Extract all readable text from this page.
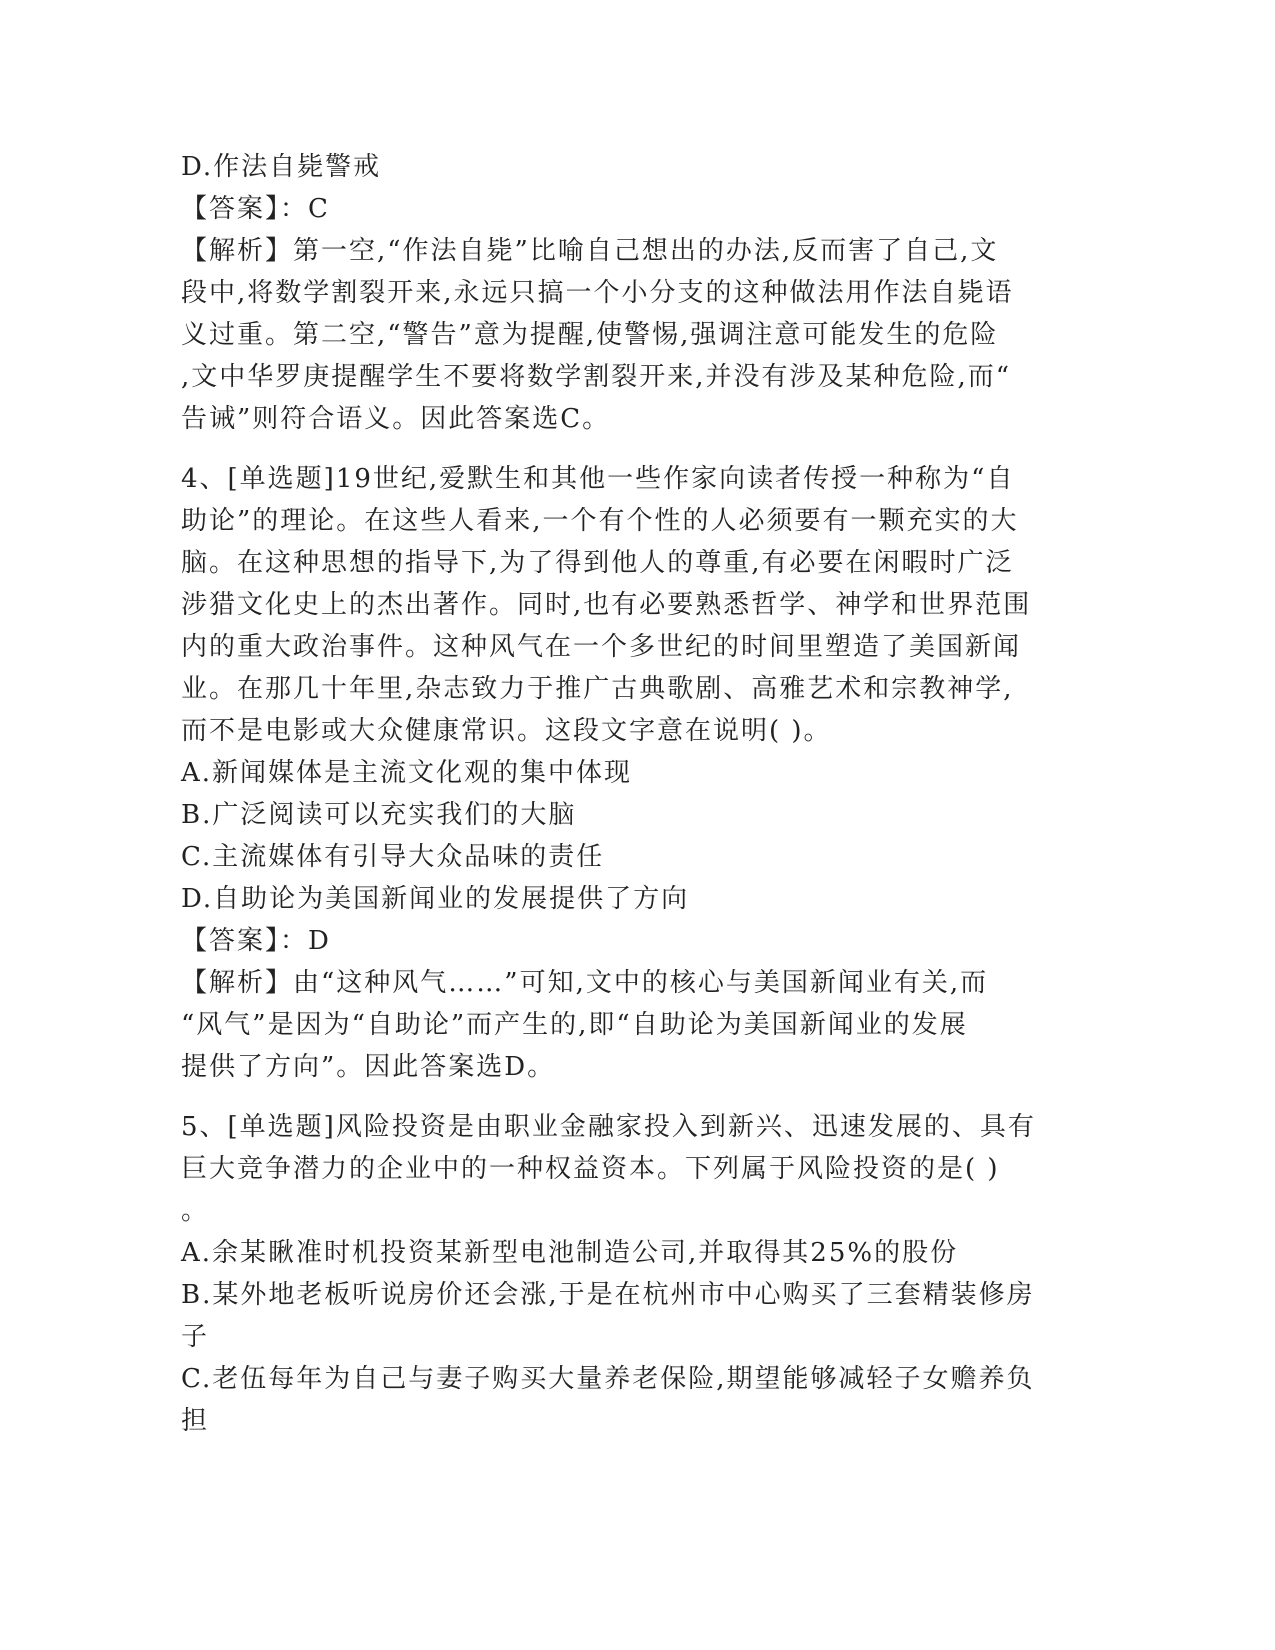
D.作法自毙警戒
【答案】：C
【解析】第一空,“作法自毙”比喻自己想出的办法,反而害了自己,文
段中,将数学割裂开来,永远只搞一个小分支的这种做法用作法自毙语
义过重。第二空,“警告”意为提醒,使警惕,强调注意可能发生的危险
,文中华罗庚提醒学生不要将数学割裂开来,并没有涉及某种危险,而“
告诫”则符合语义。因此答案选C。
4、[单选题]19世纪,爱默生和其他一些作家向读者传授一种称为“自
助论”的理论。在这些人看来,一个有个性的人必须要有一颗充实的大
脑。在这种思想的指导下,为了得到他人的尊重,有必要在闲暇时广泛
涉猎文化史上的杰出著作。同时,也有必要熟悉哲学、神学和世界范围
内的重大政治事件。这种风气在一个多世纪的时间里塑造了美国新闻
业。在那几十年里,杂志致力于推广古典歌剧、高雅艺术和宗教神学,
而不是电影或大众健康常识。这段文字意在说明( )。
A.新闻媒体是主流文化观的集中体现
B.广泛阅读可以充实我们的大脑
C.主流媒体有引导大众品味的责任
D.自助论为美国新闻业的发展提供了方向
【答案】：D
【解析】由“这种风气……”可知,文中的核心与美国新闻业有关,而
“风气”是因为“自助论”而产生的,即“自助论为美国新闻业的发展
提供了方向”。因此答案选D。
5、[单选题]风险投资是由职业金融家投入到新兴、迅速发展的、具有
巨大竞争潜力的企业中的一种权益资本。下列属于风险投资的是( )
。
A.余某瞅准时机投资某新型电池制造公司,并取得其25%的股份
B.某外地老板听说房价还会涨,于是在杭州市中心购买了三套精装修房
子
C.老伍每年为自己与妻子购买大量养老保险,期望能够减轻子女赡养负
担
